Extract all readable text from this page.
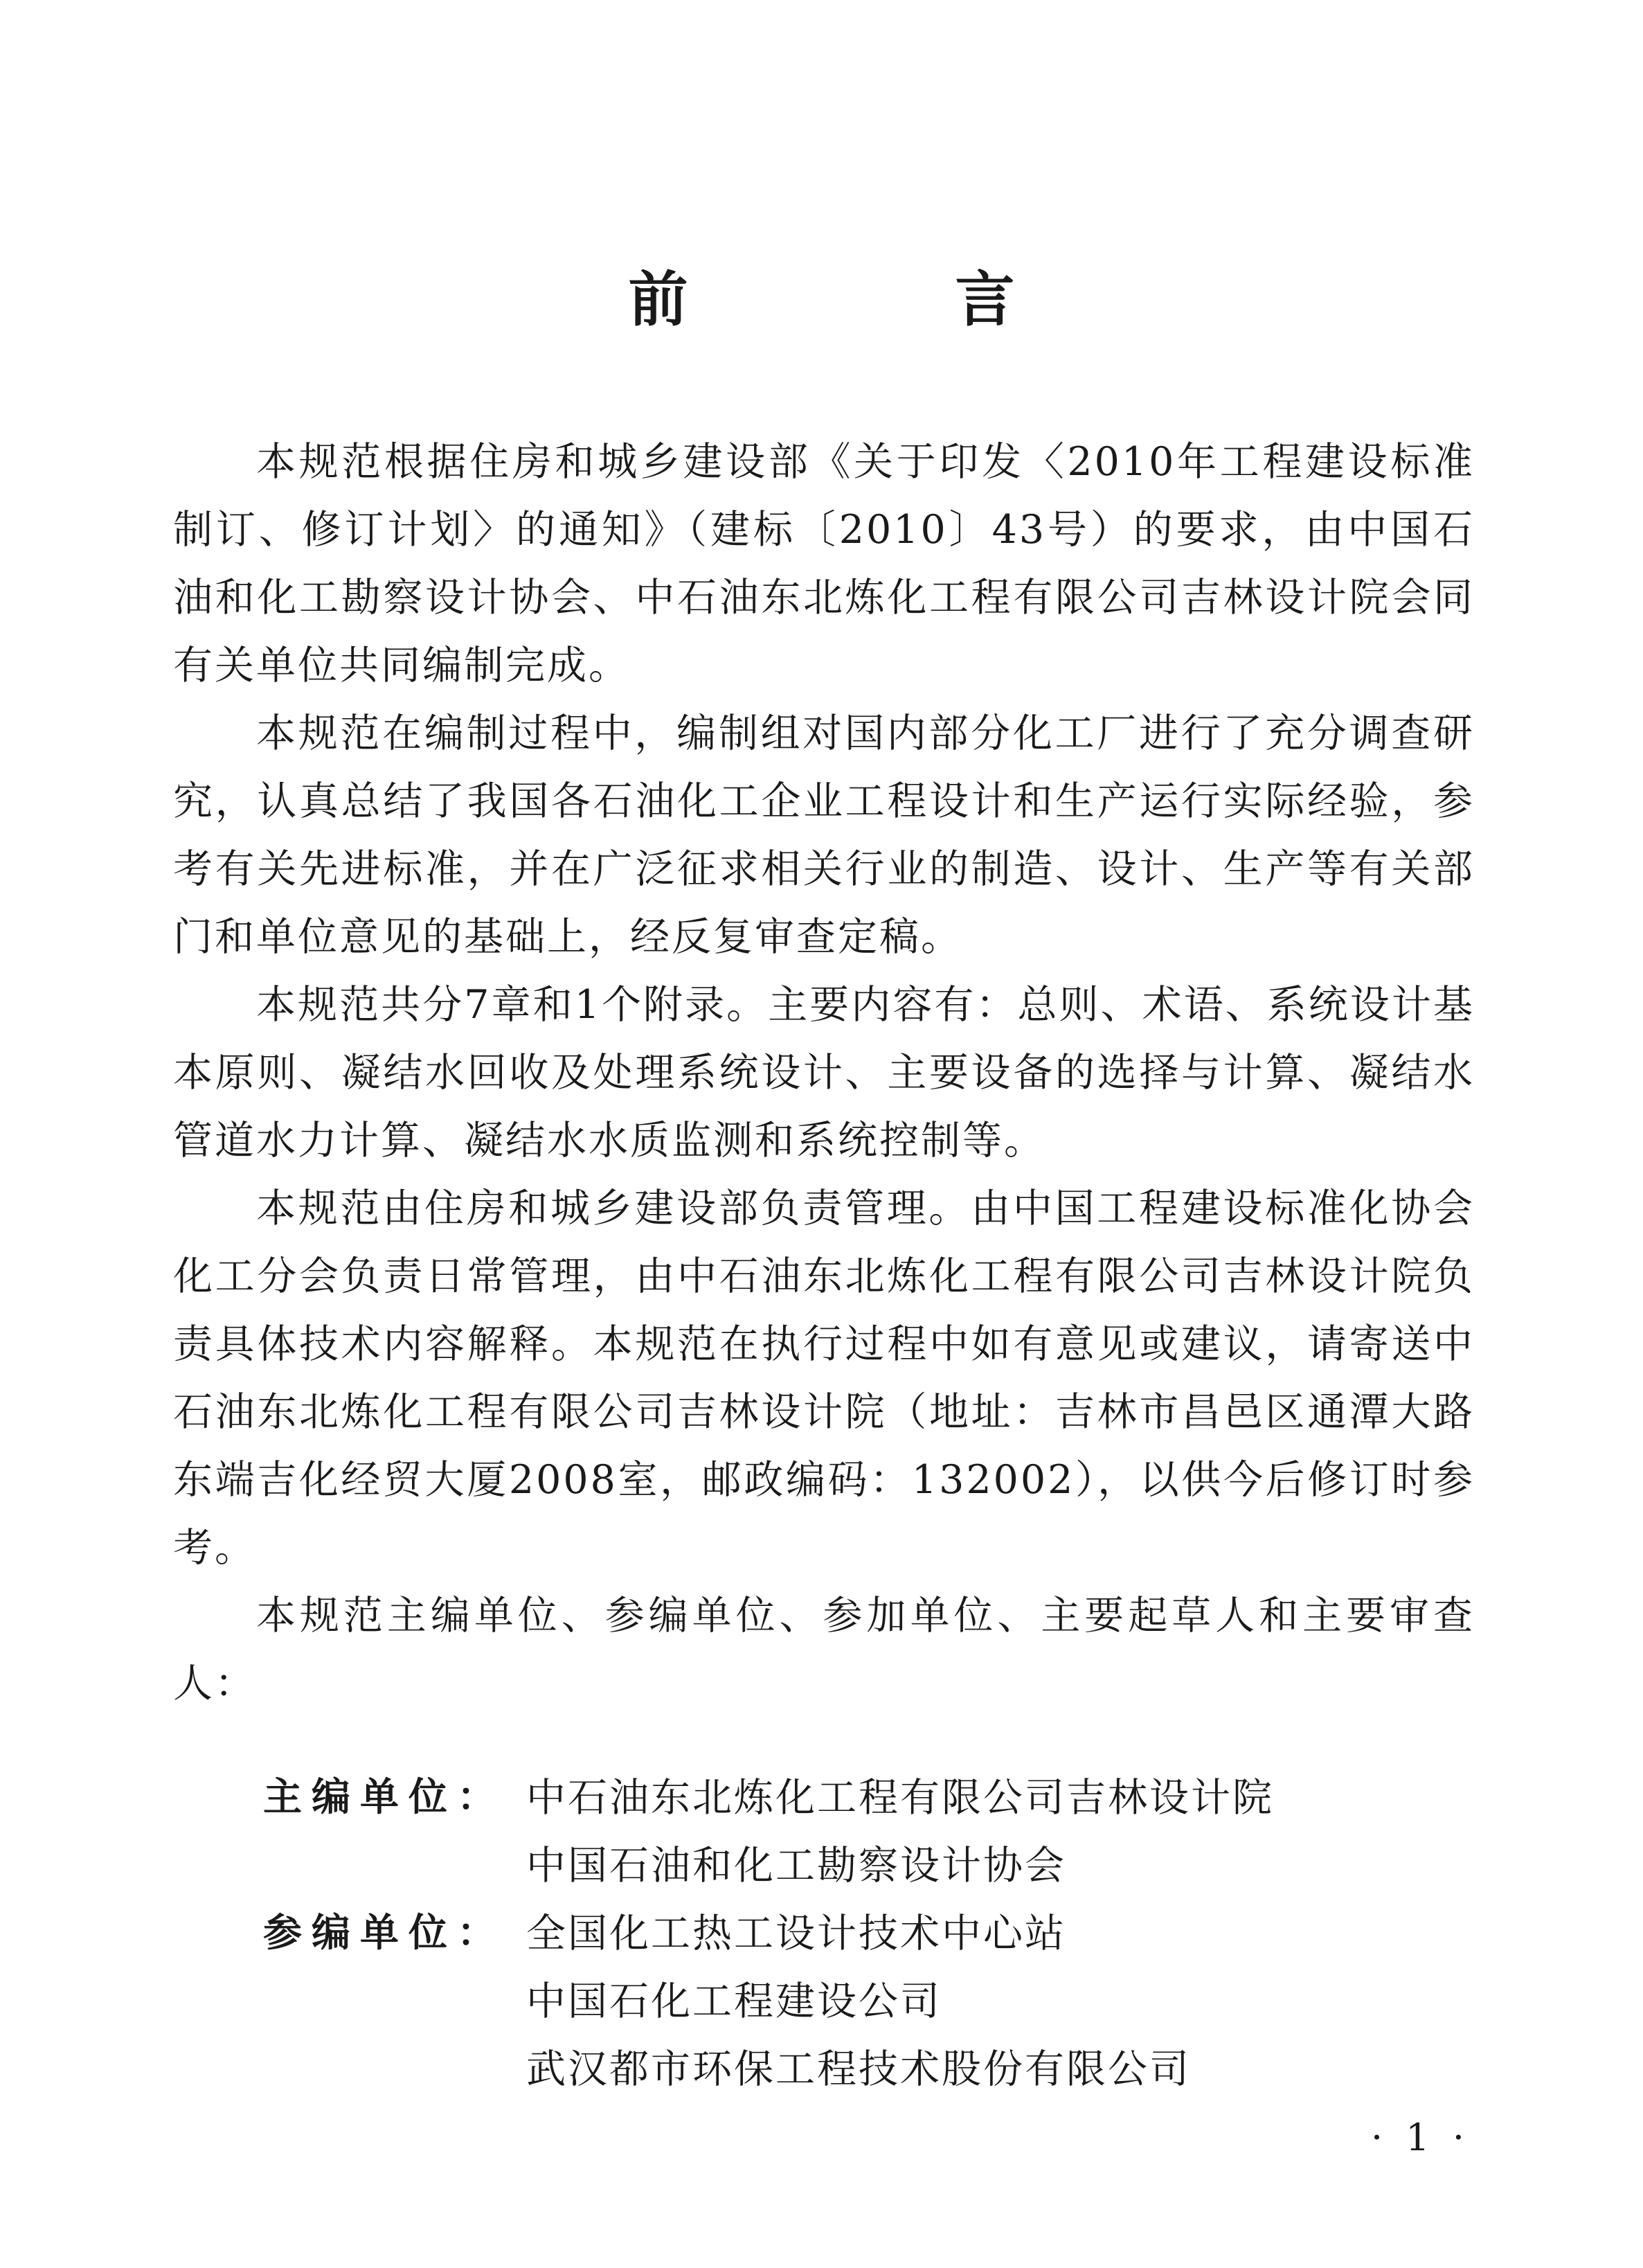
前　言

本规范根据住房和城乡建设部《关于印发〈2010年工程建设标准制订、修订计划〉的通知》（建标〔2010〕43号）的要求，由中国石油和化工勘察设计协会、中石油东北炼化工程有限公司吉林设计院会同有关单位共同编制完成。

本规范在编制过程中，编制组对国内部分化工厂进行了充分调查研究，认真总结了我国各石油化工企业工程设计和生产运行实际经验，参考有关先进标准，并在广泛征求相关行业的制造、设计、生产等有关部门和单位意见的基础上，经反复审查定稿。

本规范共分7章和1个附录。主要内容有：总则、术语、系统设计基本原则、凝结水回收及处理系统设计、主要设备的选择与计算、凝结水管道水力计算、凝结水水质监测和系统控制等。

本规范由住房和城乡建设部负责管理。由中国工程建设标准化协会化工分会负责日常管理，由中石油东北炼化工程有限公司吉林设计院负责具体技术内容解释。本规范在执行过程中如有意见或建议，请寄送中石油东北炼化工程有限公司吉林设计院（地址：吉林市昌邑区通潭大路东端吉化经贸大厦2008室，邮政编码：132002），以供今后修订时参考。

本规范主编单位、参编单位、参加单位、主要起草人和主要审查人：

主编单位： 中石油东北炼化工程有限公司吉林设计院
中国石油和化工勘察设计协会
参编单位： 全国化工热工设计技术中心站
中国石化工程建设公司
武汉都市环保工程技术股份有限公司
· 1 ·
